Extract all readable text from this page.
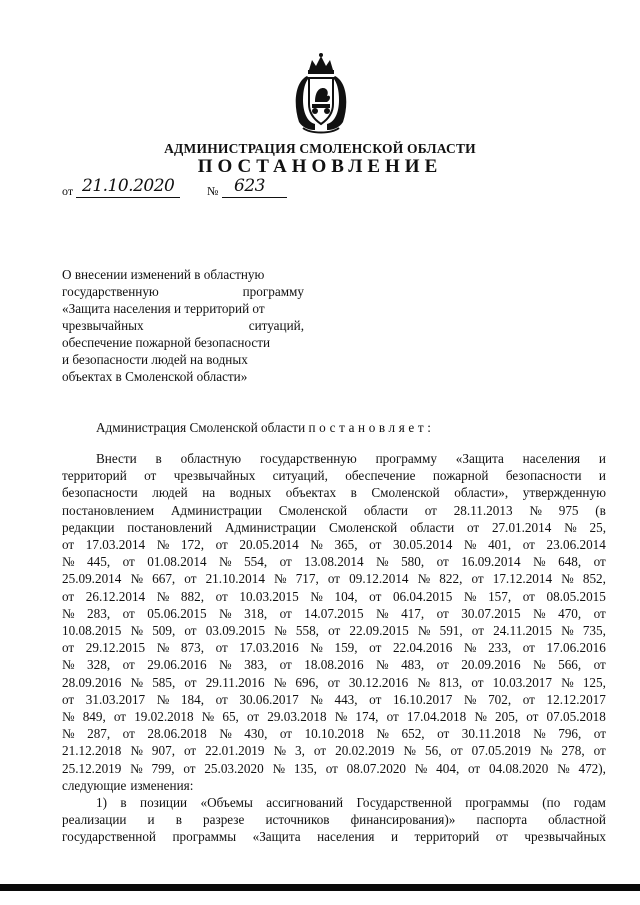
АДМИНИСТРАЦИЯ СМОЛЕНСКОЙ ОБЛАСТИ
ПОСТАНОВЛЕНИЕ
от 21.10.2020	№ 623
О внесении изменений в областную
государственную	программу
«Защита населения и территорий от
чрезвычайных	ситуаций,
обеспечение пожарной безопасности
и безопасности людей на водных
объектах в Смоленской области»
Администрация Смоленской области постановляет:
Внести в областную государственную программу «Защита населения и
территорий от чрезвычайных ситуаций, обеспечение пожарной безопасности и
безопасности людей на водных объектах в Смоленской области», утвержденную
постановлением Администрации Смоленской области от 28.11.2013 № 975 (в
редакции постановлений Администрации Смоленской области от 27.01.2014 № 25,
от 17.03.2014 № 172, от 20.05.2014 № 365, от 30.05.2014 № 401, от 23.06.2014
№ 445, от 01.08.2014 № 554, от 13.08.2014 № 580, от 16.09.2014 № 648, от
25.09.2014 № 667, от 21.10.2014 № 717, от 09.12.2014 № 822, от 17.12.2014 № 852,
от 26.12.2014 № 882, от 10.03.2015 № 104, от 06.04.2015 № 157, от 08.05.2015
№ 283, от 05.06.2015 № 318, от 14.07.2015 № 417, от 30.07.2015 № 470, от
10.08.2015 № 509, от 03.09.2015 № 558, от 22.09.2015 № 591, от 24.11.2015 № 735,
от 29.12.2015 № 873, от 17.03.2016 № 159, от 22.04.2016 № 233, от 17.06.2016
№ 328, от 29.06.2016 № 383, от 18.08.2016 № 483, от 20.09.2016 № 566, от
28.09.2016 № 585, от 29.11.2016 № 696, от 30.12.2016 № 813, от 10.03.2017 № 125,
от 31.03.2017 № 184, от 30.06.2017 № 443, от 16.10.2017 № 702, от 12.12.2017
№ 849, от 19.02.2018 № 65, от 29.03.2018 № 174, от 17.04.2018 № 205, от 07.05.2018
№ 287, от 28.06.2018 № 430, от 10.10.2018 № 652, от 30.11.2018 № 796, от
21.12.2018 № 907, от 22.01.2019 № 3, от 20.02.2019 № 56, от 07.05.2019 № 278, от
25.12.2019 № 799, от 25.03.2020 № 135, от 08.07.2020 № 404, от 04.08.2020 № 472),
следующие изменения:
1) в позиции «Объемы ассигнований Государственной программы (по годам
реализации и в разрезе источников финансирования)» паспорта областной
государственной программы «Защита населения и территорий от чрезвычайных
